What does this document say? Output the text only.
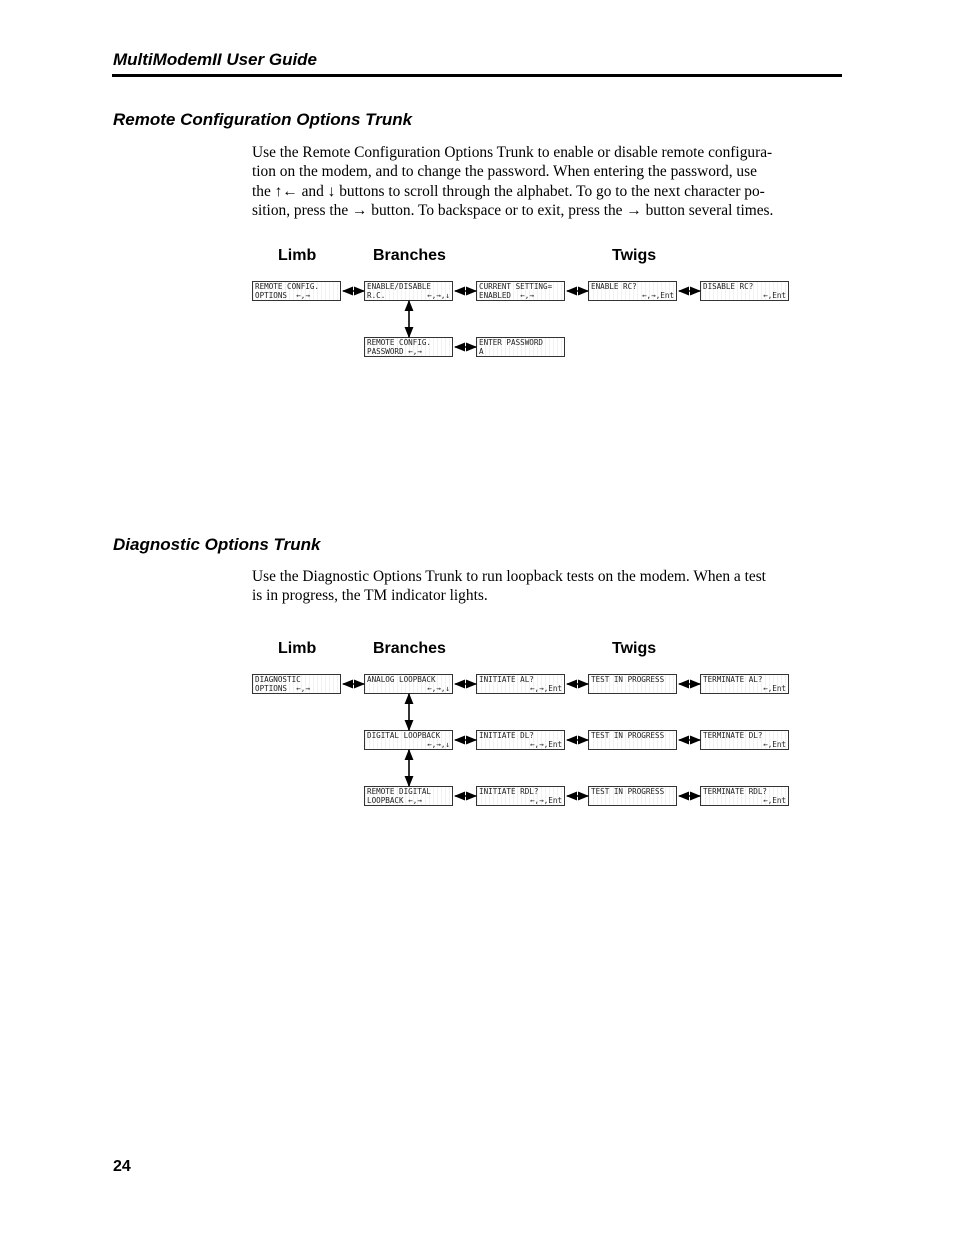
MultiModemII User Guide
Remote Configuration Options Trunk
Use the Remote Configuration Options Trunk to enable or disable remote configura-
tion on the modem, and to change the password. When entering the password, use
the ↑← and ↓ buttons to scroll through the alphabet. To go to the next character po-
sition, press the → button. To backspace or to exit, press the → button several times.
Limb	Branches	Twigs
REMOTE CONFIG.
OPTIONS ←,→
ENABLE/DISABLE
R.C.	←,→,↓
CURRENT SETTING=
ENABLED ←,→
ENABLE RC?

←,→,Ent
DISABLE RC?

←,Ent
REMOTE CONFIG.
PASSWORD ←,→
ENTER PASSWORD
A
Diagnostic Options Trunk
Use the Diagnostic Options Trunk to run loopback tests on the modem. When a test
is in progress, the TM indicator lights.
Limb	Branches	Twigs
DIAGNOSTIC
OPTIONS ←,→
ANALOG LOOPBACK

←,→,↓
INITIATE AL?

←,→,Ent
TEST IN PROGRESS	TERMINATE AL?

←,Ent
DIGITAL LOOPBACK

←,→,↓
INITIATE DL?

←,→,Ent
TEST IN PROGRESS	TERMINATE DL?

←,Ent
REMOTE DIGITAL
LOOPBACK ←,→
INITIATE RDL?

←,→,Ent
TEST IN PROGRESS	TERMINATE RDL?

←,Ent
24
